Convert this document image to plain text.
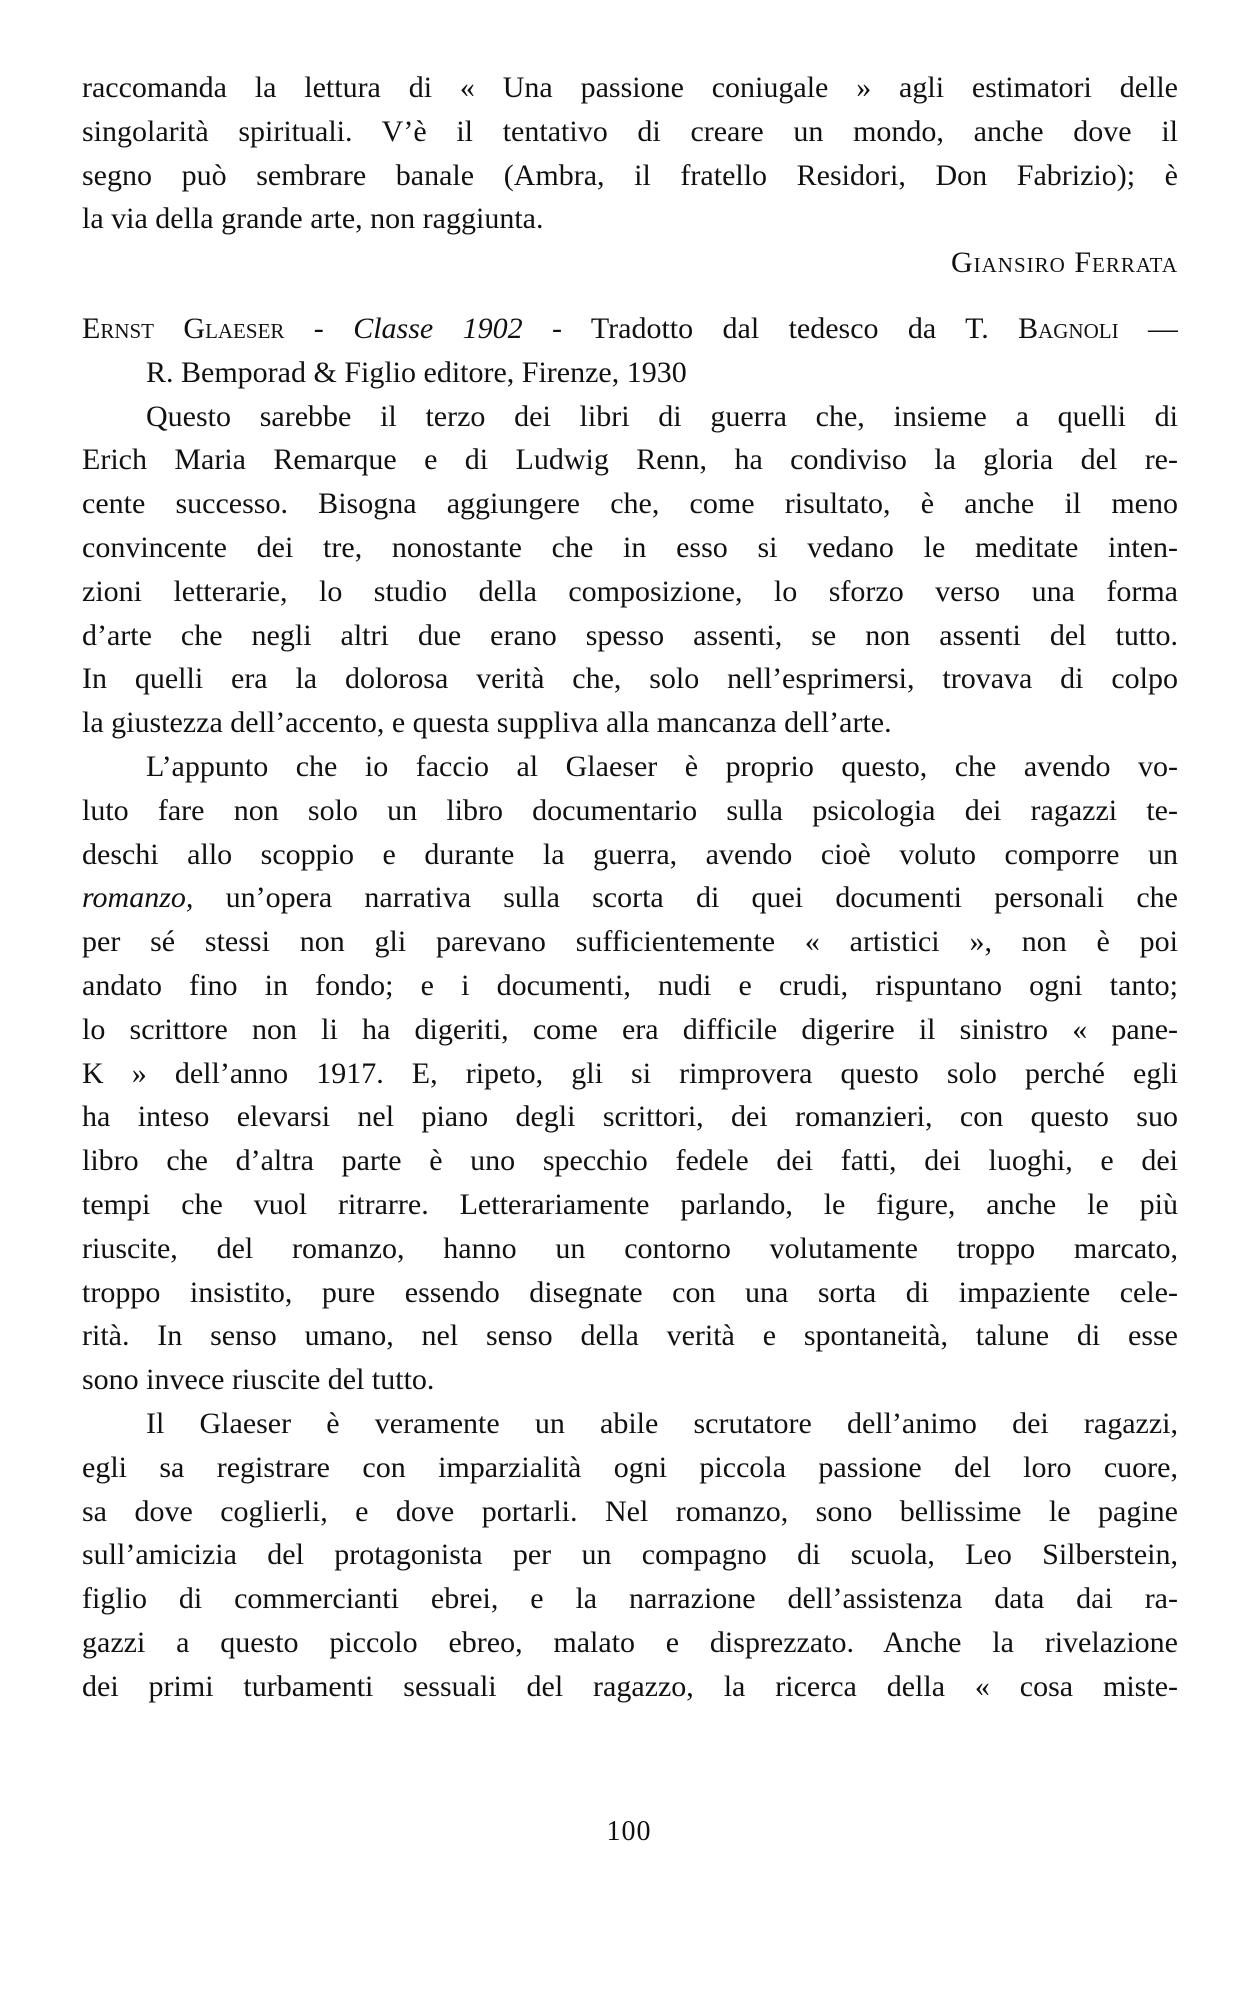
raccomanda la lettura di « Una passione coniugale » agli estimatori delle
singolarità spirituali. V’è il tentativo di creare un mondo, anche dove il
segno può sembrare banale (Ambra, il fratello Residori, Don Fabrizio); è
la via della grande arte, non raggiunta.
Giansiro Ferrata
Ernst Glaeser - Classe 1902 - Tradotto dal tedesco da T. Bagnoli —
R. Bemporad & Figlio editore, Firenze, 1930
Questo sarebbe il terzo dei libri di guerra che, insieme a quelli di
Erich Maria Remarque e di Ludwig Renn, ha condiviso la gloria del re-
cente successo. Bisogna aggiungere che, come risultato, è anche il meno
convincente dei tre, nonostante che in esso si vedano le meditate inten-
zioni letterarie, lo studio della composizione, lo sforzo verso una forma
d’arte che negli altri due erano spesso assenti, se non assenti del tutto.
In quelli era la dolorosa verità che, solo nell’esprimersi, trovava di colpo
la giustezza dell’accento, e questa suppliva alla mancanza dell’arte.
L’appunto che io faccio al Glaeser è proprio questo, che avendo vo-
luto fare non solo un libro documentario sulla psicologia dei ragazzi te-
deschi allo scoppio e durante la guerra, avendo cioè voluto comporre un
romanzo, un’opera narrativa sulla scorta di quei documenti personali che
per sé stessi non gli parevano sufficientemente « artistici », non è poi
andato fino in fondo; e i documenti, nudi e crudi, rispuntano ogni tanto;
lo scrittore non li ha digeriti, come era difficile digerire il sinistro « pane-
K » dell’anno 1917. E, ripeto, gli si rimprovera questo solo perché egli
ha inteso elevarsi nel piano degli scrittori, dei romanzieri, con questo suo
libro che d’altra parte è uno specchio fedele dei fatti, dei luoghi, e dei
tempi che vuol ritrarre. Letterariamente parlando, le figure, anche le più
riuscite, del romanzo, hanno un contorno volutamente troppo marcato,
troppo insistito, pure essendo disegnate con una sorta di impaziente cele-
rità. In senso umano, nel senso della verità e spontaneità, talune di esse
sono invece riuscite del tutto.
Il Glaeser è veramente un abile scrutatore dell’animo dei ragazzi,
egli sa registrare con imparzialità ogni piccola passione del loro cuore,
sa dove coglierli, e dove portarli. Nel romanzo, sono bellissime le pagine
sull’amicizia del protagonista per un compagno di scuola, Leo Silberstein,
figlio di commercianti ebrei, e la narrazione dell’assistenza data dai ra-
gazzi a questo piccolo ebreo, malato e disprezzato. Anche la rivelazione
dei primi turbamenti sessuali del ragazzo, la ricerca della « cosa miste-
100
